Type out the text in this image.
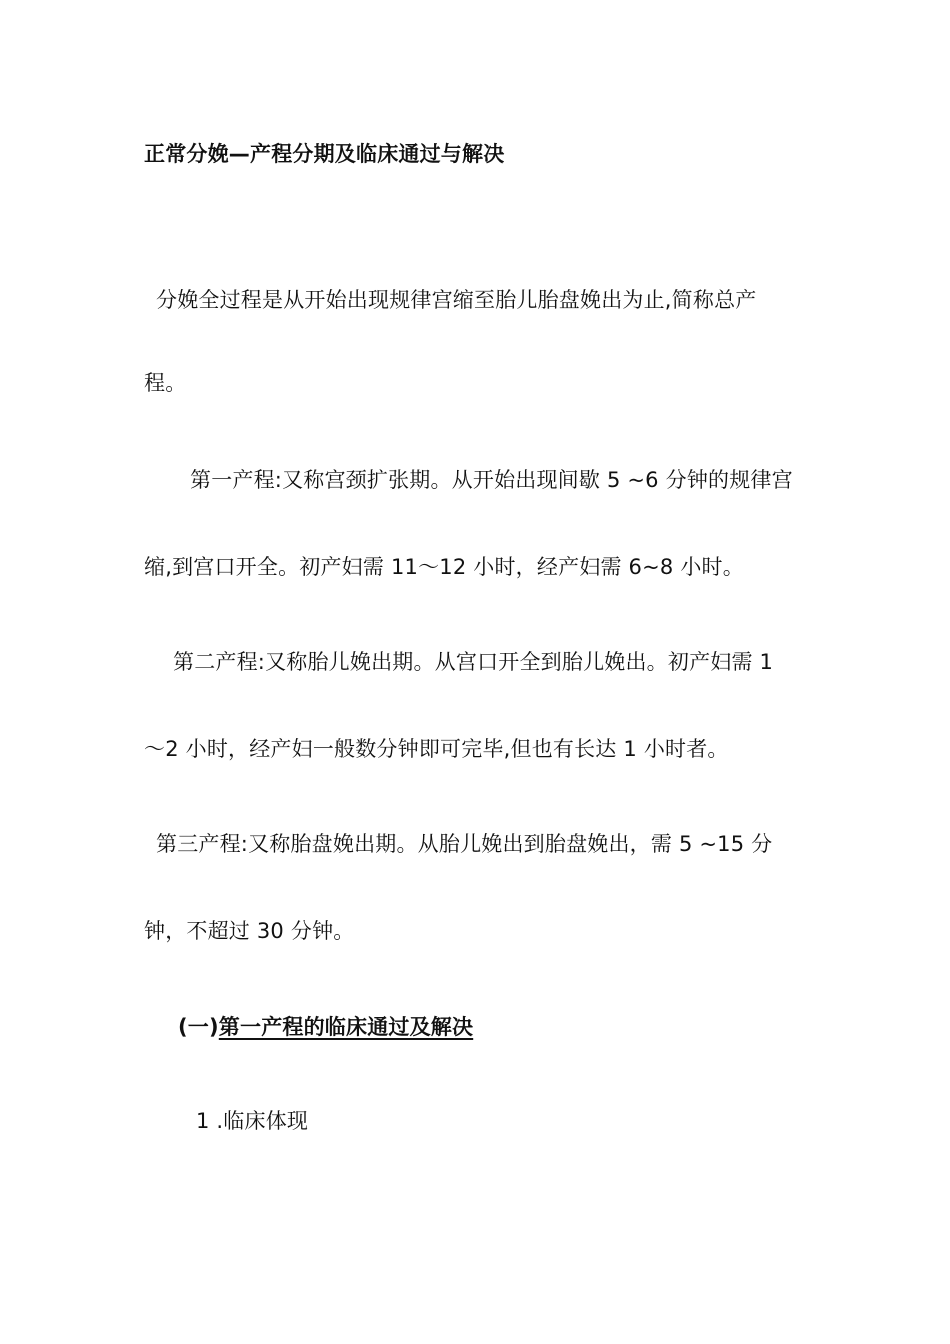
正常分娩—产程分期及临床通过与解决
分娩全过程是从开始出现规律宫缩至胎儿胎盘娩出为止,简称总产
程。
第一产程:又称宫颈扩张期。从开始出现间歇 5 ~6 分钟的规律宫
缩,到宫口开全。初产妇需 11～12 小时，经产妇需 6~8 小时。
第二产程:又称胎儿娩出期。从宫口开全到胎儿娩出。初产妇需 1
～2 小时，经产妇一般数分钟即可完毕,但也有长达 1 小时者。
第三产程:又称胎盘娩出期。从胎儿娩出到胎盘娩出，需 5 ~15 分
钟，不超过 30 分钟。
(一)第一产程的临床通过及解决
1 .临床体现
